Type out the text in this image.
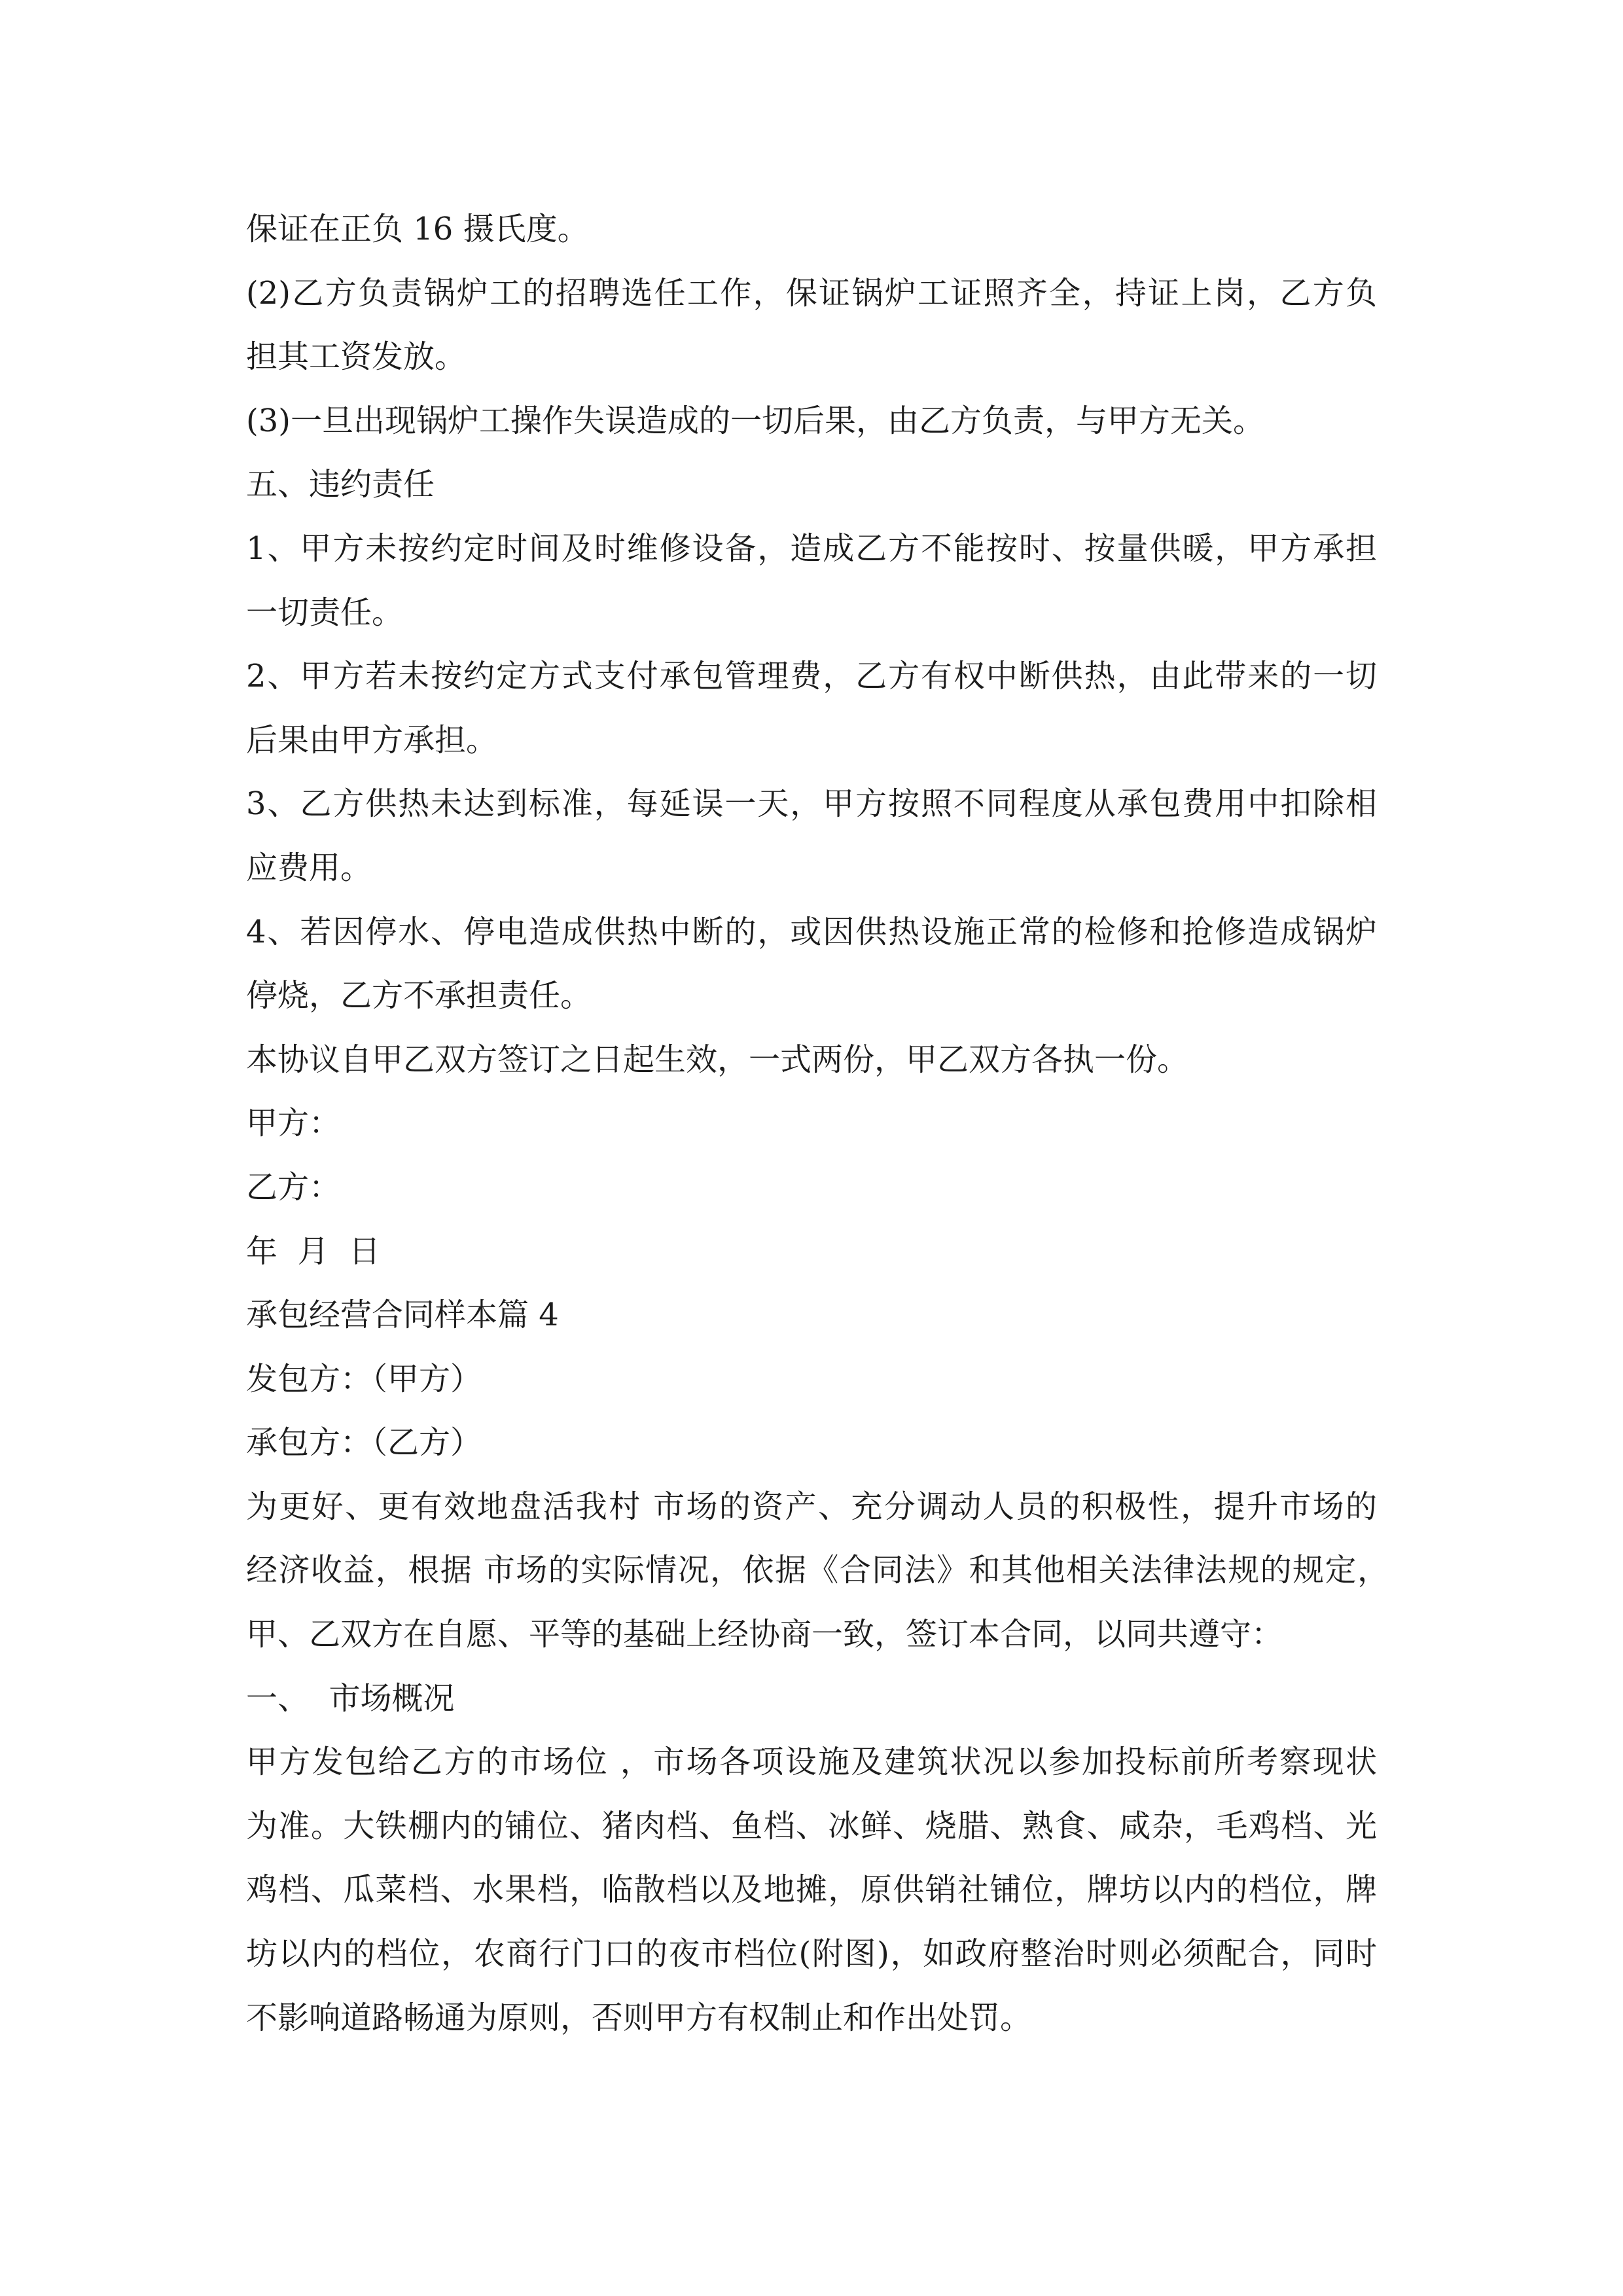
保证在正负 16 摄氏度。
(2)乙方负责锅炉工的招聘选任工作，保证锅炉工证照齐全，持证上岗，乙方负
担其工资发放。
(3)一旦出现锅炉工操作失误造成的一切后果，由乙方负责，与甲方无关。
五、违约责任
1、甲方未按约定时间及时维修设备，造成乙方不能按时、按量供暖，甲方承担
一切责任。
2、甲方若未按约定方式支付承包管理费，乙方有权中断供热，由此带来的一切
后果由甲方承担。
3、乙方供热未达到标准，每延误一天，甲方按照不同程度从承包费用中扣除相
应费用。
4、若因停水、停电造成供热中断的，或因供热设施正常的检修和抢修造成锅炉
停烧，乙方不承担责任。
本协议自甲乙双方签订之日起生效，一式两份，甲乙双方各执一份。
甲方：
乙方：
年  月  日
承包经营合同样本篇 4
发包方：（甲方）
承包方：（乙方）
为更好、更有效地盘活我村 市场的资产、充分调动人员的积极性，提升市场的
经济收益，根据 市场的实际情况，依据《合同法》和其他相关法律法规的规定，
甲、乙双方在自愿、平等的基础上经协商一致，签订本合同，以同共遵守：
一、  市场概况
甲方发包给乙方的市场位 ，市场各项设施及建筑状况以参加投标前所考察现状
为准。大铁棚内的铺位、猪肉档、鱼档、冰鲜、烧腊、熟食、咸杂，毛鸡档、光
鸡档、瓜菜档、水果档，临散档以及地摊，原供销社铺位，牌坊以内的档位，牌
坊以内的档位，农商行门口的夜市档位(附图)，如政府整治时则必须配合，同时
不影响道路畅通为原则，否则甲方有权制止和作出处罚。
